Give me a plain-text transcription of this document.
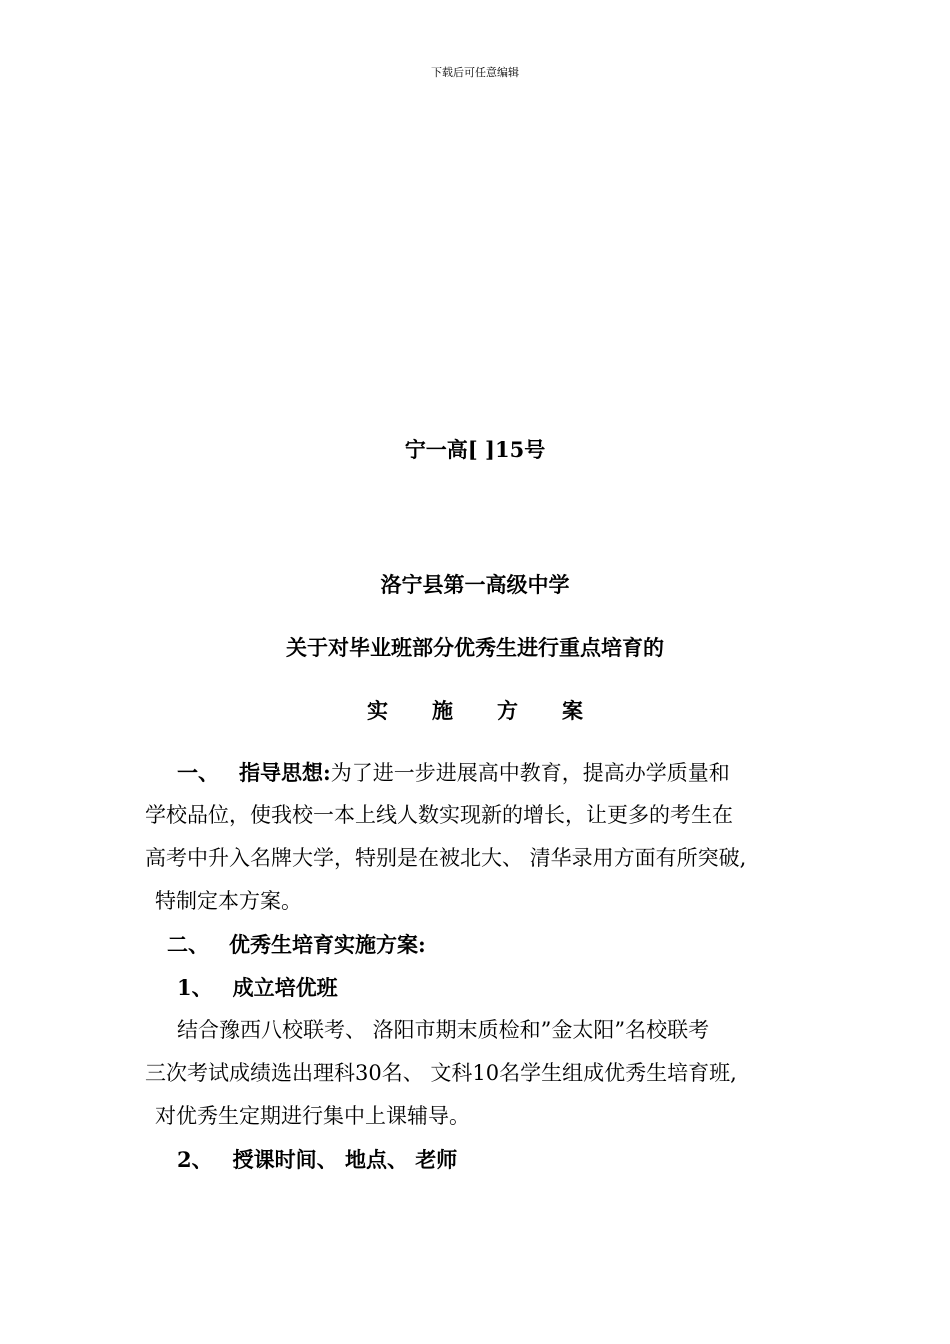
下载后可任意编辑
宁一高[ ]15号
洛宁县第一高级中学
关于对毕业班部分优秀生进行重点培育的
实 施 方 案
一、 指导思想:为了进一步进展高中教育，提高办学质量和
学校品位，使我校一本上线人数实现新的增长，让更多的考生在
高考中升入名牌大学，特别是在被北大、 清华录用方面有所突破,
特制定本方案。
二、 优秀生培育实施方案:
1、 成立培优班
结合豫西八校联考、 洛阳市期末质检和”金太阳”名校联考
三次考试成绩选出理科30名、 文科10名学生组成优秀生培育班,
对优秀生定期进行集中上课辅导。
2、 授课时间、 地点、 老师
